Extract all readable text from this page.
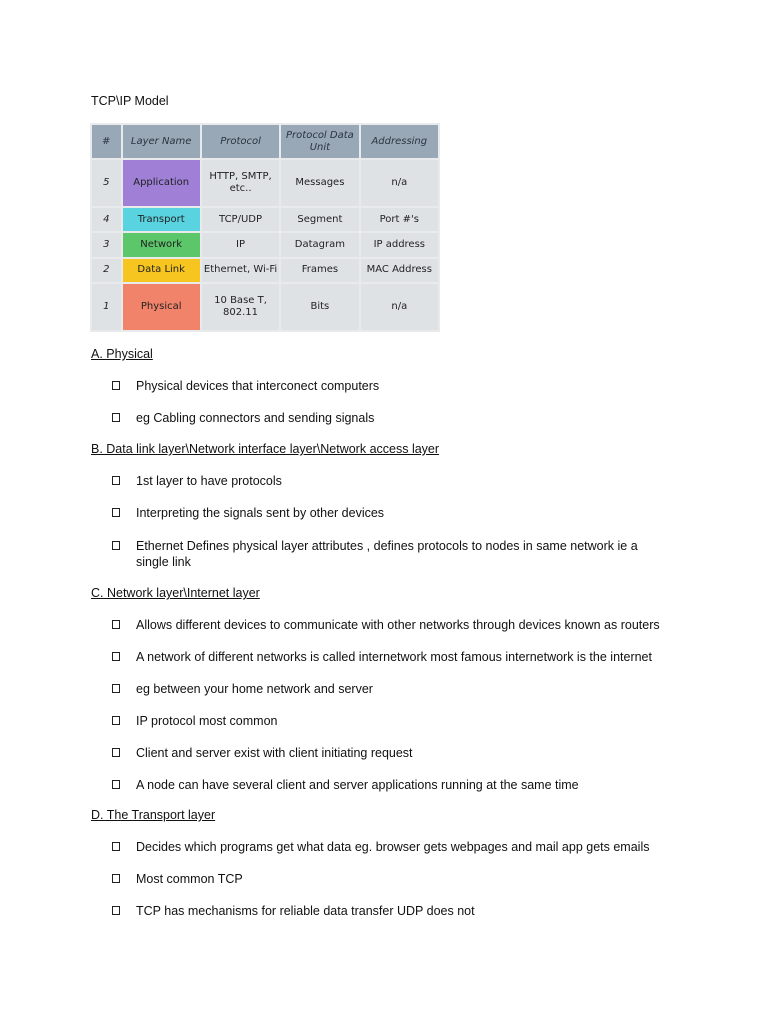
TCP\IP Model
#	Layer Name	Protocol	Protocol Data Unit	Addressing
5	Application	HTTP, SMTP, etc..	Messages	n/a
4	Transport	TCP/UDP	Segment	Port #'s
3	Network	IP	Datagram	IP address
2	Data Link	Ethernet, Wi-Fi	Frames	MAC Address
1	Physical	10 Base T, 802.11	Bits	n/a

A. Physical

Physical devices that interconect computers
eg Cabling connectors and sending signals

B. Data link layer\Network interface layer\Network access layer

1st layer to have protocols
Interpreting the signals sent by other devices
Ethernet Defines physical layer attributes , defines protocols to nodes in same network ie a single link

C. Network layer\Internet layer

Allows different devices to communicate with other networks through devices known as routers
A network of different networks is called internetwork most famous internetwork is the internet
eg between your home network and server
IP protocol most common
Client and server exist with client initiating request
A node can have several client and server applications running at the same time

D. The Transport layer

Decides which programs get what data eg. browser gets webpages and mail app gets emails
Most common TCP
TCP has mechanisms for reliable data transfer UDP does not
